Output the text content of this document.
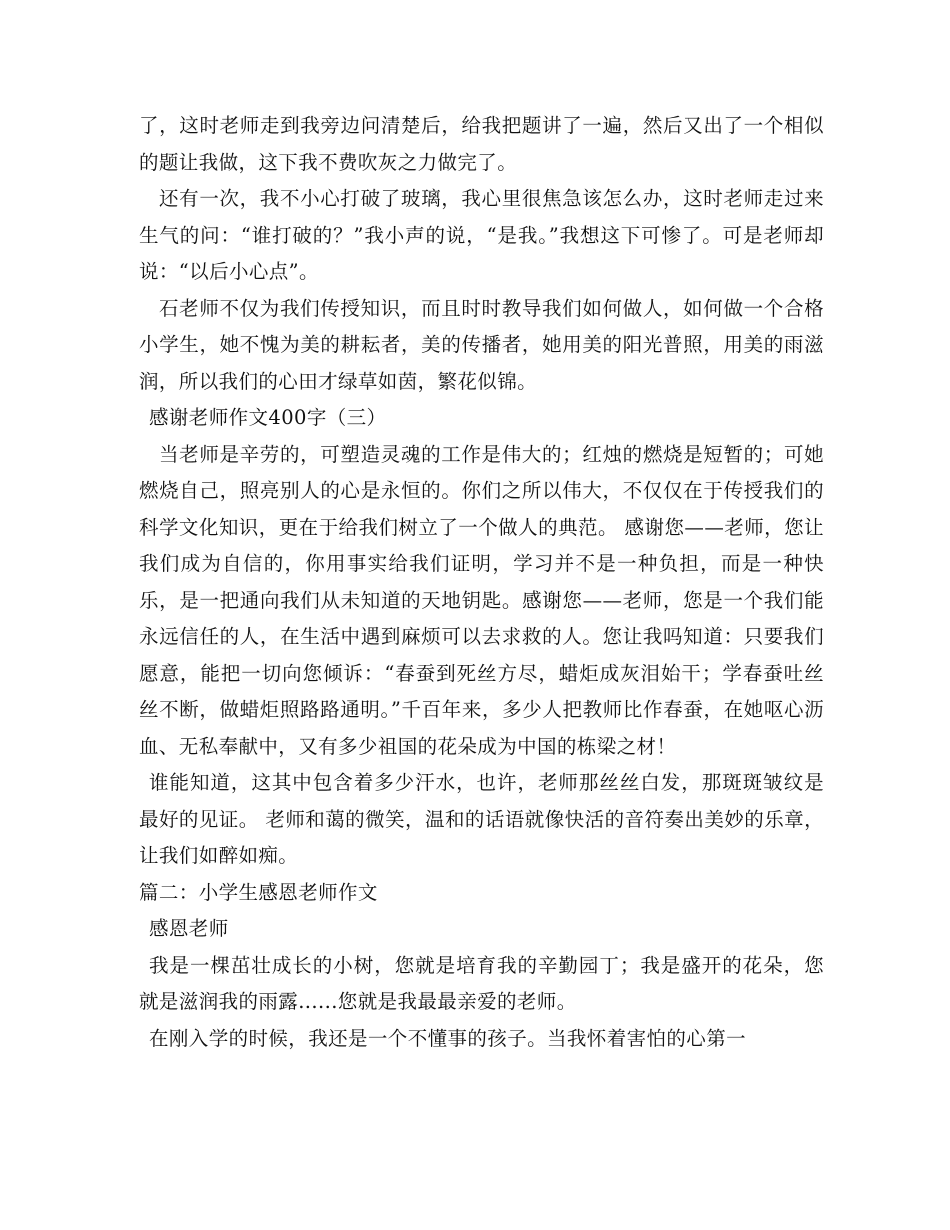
了，这时老师走到我旁边问清楚后，给我把题讲了一遍，然后又出了一个相似的题让我做，这下我不费吹灰之力做完了。

还有一次，我不小心打破了玻璃，我心里很焦急该怎么办，这时老师走过来生气的问：“谁打破的？”我小声的说，“是我。”我想这下可惨了。可是老师却说：“以后小心点”。

石老师不仅为我们传授知识，而且时时教导我们如何做人，如何做一个合格小学生，她不愧为美的耕耘者，美的传播者，她用美的阳光普照，用美的雨滋润，所以我们的心田才绿草如茵，繁花似锦。

感谢老师作文400字（三）

当老师是辛劳的，可塑造灵魂的工作是伟大的；红烛的燃烧是短暂的；可她燃烧自己，照亮别人的心是永恒的。你们之所以伟大，不仅仅在于传授我们的科学文化知识，更在于给我们树立了一个做人的典范。 感谢您——老师，您让我们成为自信的，你用事实给我们证明，学习并不是一种负担，而是一种快乐，是一把通向我们从未知道的天地钥匙。感谢您——老师，您是一个我们能永远信任的人，在生活中遇到麻烦可以去求救的人。您让我吗知道：只要我们愿意，能把一切向您倾诉：“春蚕到死丝方尽，蜡炬成灰泪始干；学春蚕吐丝丝不断，做蜡炬照路路通明。”千百年来，多少人把教师比作春蚕，在她呕心沥血、无私奉献中，又有多少祖国的花朵成为中国的栋梁之材！

谁能知道，这其中包含着多少汗水，也许，老师那丝丝白发，那斑斑皱纹是最好的见证。 老师和蔼的微笑，温和的话语就像快活的音符奏出美妙的乐章，让我们如醉如痴。

篇二：小学生感恩老师作文

感恩老师

我是一棵茁壮成长的小树，您就是培育我的辛勤园丁；我是盛开的花朵，您就是滋润我的雨露......您就是我最最亲爱的老师。

在刚入学的时候，我还是一个不懂事的孩子。当我怀着害怕的心第一
